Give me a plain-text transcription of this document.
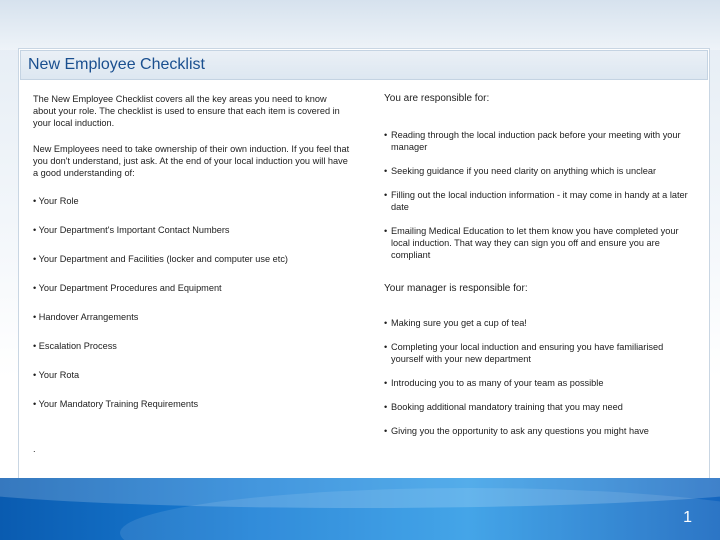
New Employee Checklist
The New Employee Checklist covers all the key areas you need to know about your role. The checklist is used to ensure that each item is covered in your local induction.
New Employees need to take ownership of their own induction. If you feel that you don't understand, just ask. At the end of your local induction you will have a good understanding of:
• Your Role
• Your Department's Important Contact Numbers
• Your Department and Facilities (locker and computer use etc)
• Your Department Procedures and Equipment
• Handover Arrangements
• Escalation Process
• Your Rota
• Your Mandatory Training Requirements
.
You are responsible for:
• Reading through the local induction pack before your meeting with your manager
• Seeking guidance if you need clarity on anything which is unclear
• Filling out the local induction information - it may come in handy at a later date
• Emailing Medical Education to let them know you have completed your local induction. That way they can sign you off and ensure you are compliant
Your manager is responsible for:
• Making sure you get a cup of tea!
• Completing your local induction and ensuring you have familiarised yourself with your new department
• Introducing you to as many of your team as possible
• Booking additional mandatory training that you may need
• Giving you the opportunity to ask any questions you might have
1
